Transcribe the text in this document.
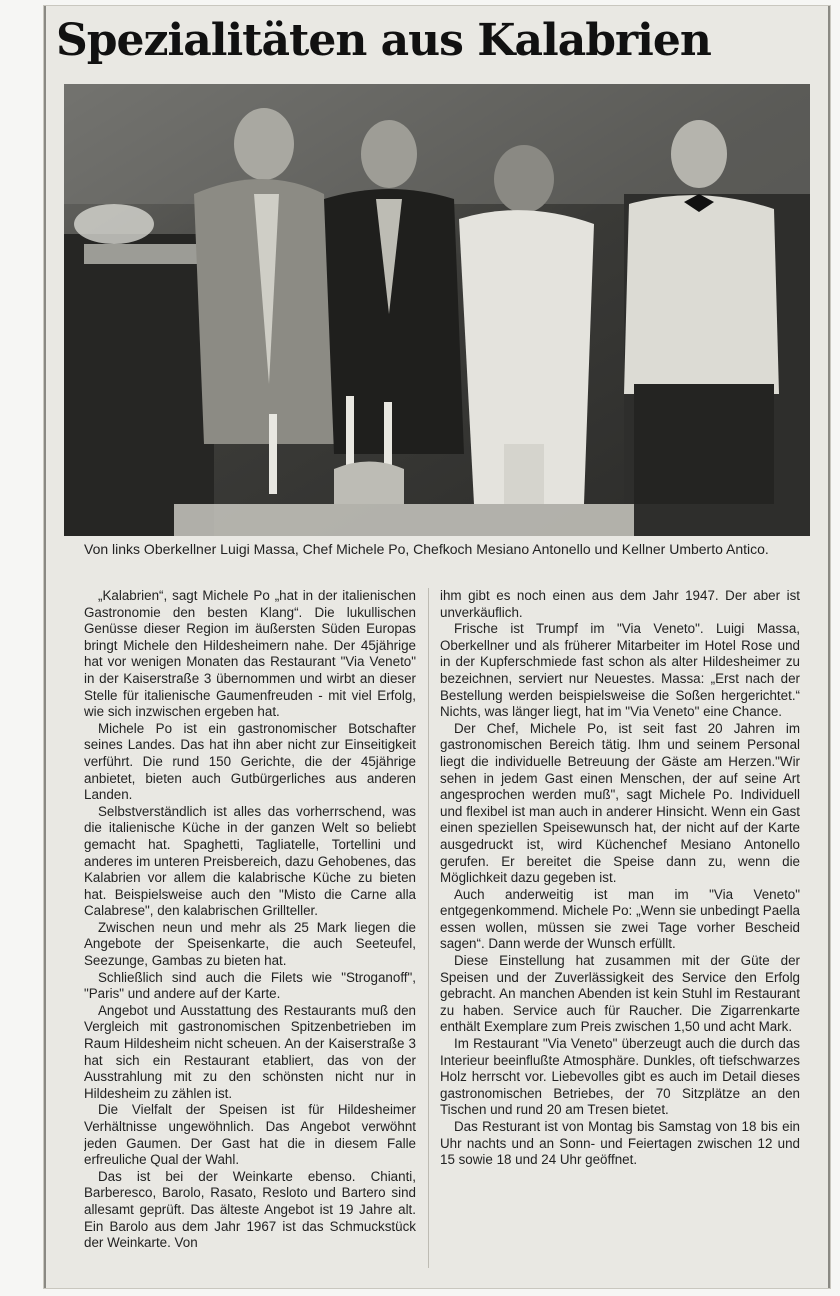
Spezialitäten aus Kalabrien
Von links Oberkellner Luigi Massa, Chef Michele Po, Chefkoch Mesiano Antonello und Kellner Umberto Antico.

„Kalabrien“, sagt Michele Po „hat in der italienischen Gastronomie den besten Klang“. Die lukullischen Genüsse dieser Region im äußersten Süden Europas bringt Michele den Hildesheimern nahe. Der 45jährige hat vor wenigen Monaten das Restaurant "Via Veneto" in der Kaiserstraße 3 übernommen und wirbt an dieser Stelle für italienische Gaumenfreuden - mit viel Erfolg, wie sich inzwischen ergeben hat.

Michele Po ist ein gastronomischer Botschafter seines Landes. Das hat ihn aber nicht zur Einseitigkeit verführt. Die rund 150 Gerichte, die der 45jährige anbietet, bieten auch Gutbürgerliches aus anderen Landen.

Selbstverständlich ist alles das vorherrschend, was die italienische Küche in der ganzen Welt so beliebt gemacht hat. Spaghetti, Tagliatelle, Tortellini und anderes im unteren Preisbereich, dazu Gehobenes, das Kalabrien vor allem die kalabrische Küche zu bieten hat. Beispielsweise auch den "Misto die Carne alla Calabrese", den kalabrischen Grillteller.

Zwischen neun und mehr als 25 Mark liegen die Angebote der Speisenkarte, die auch Seeteufel, Seezunge, Gambas zu bieten hat.

Schließlich sind auch die Filets wie "Stroganoff", "Paris" und andere auf der Karte.

Angebot und Ausstattung des Restaurants muß den Vergleich mit gastronomischen Spitzenbetrieben im Raum Hildesheim nicht scheuen. An der Kaiserstraße 3 hat sich ein Restaurant etabliert, das von der Ausstrahlung mit zu den schönsten nicht nur in Hildesheim zu zählen ist.

Die Vielfalt der Speisen ist für Hildesheimer Verhältnisse ungewöhnlich. Das Angebot verwöhnt jeden Gaumen. Der Gast hat die in diesem Falle erfreuliche Qual der Wahl.

Das ist bei der Weinkarte ebenso. Chianti, Barberesco, Barolo, Rasato, Resloto und Bartero sind allesamt geprüft. Das älteste Angebot ist 19 Jahre alt. Ein Barolo aus dem Jahr 1967 ist das Schmuckstück der Weinkarte. Von

ihm gibt es noch einen aus dem Jahr 1947. Der aber ist unverkäuflich.

Frische ist Trumpf im "Via Veneto". Luigi Massa, Oberkellner und als früherer Mitarbeiter im Hotel Rose und in der Kupferschmiede fast schon als alter Hildesheimer zu bezeichnen, serviert nur Neuestes. Massa: „Erst nach der Bestellung werden beispielsweise die Soßen hergerichtet.“ Nichts, was länger liegt, hat im "Via Veneto" eine Chance.

Der Chef, Michele Po, ist seit fast 20 Jahren im gastronomischen Bereich tätig. Ihm und seinem Personal liegt die individuelle Betreuung der Gäste am Herzen."Wir sehen in jedem Gast einen Menschen, der auf seine Art angesprochen werden muß", sagt Michele Po. Individuell und flexibel ist man auch in anderer Hinsicht. Wenn ein Gast einen speziellen Speisewunsch hat, der nicht auf der Karte ausgedruckt ist, wird Küchenchef Mesiano Antonello gerufen. Er bereitet die Speise dann zu, wenn die Möglichkeit dazu gegeben ist.

Auch anderweitig ist man im "Via Veneto" entgegenkommend. Michele Po: „Wenn sie unbedingt Paella essen wollen, müssen sie zwei Tage vorher Bescheid sagen“. Dann werde der Wunsch erfüllt.

Diese Einstellung hat zusammen mit der Güte der Speisen und der Zuverlässigkeit des Service den Erfolg gebracht. An manchen Abenden ist kein Stuhl im Restaurant zu haben. Service auch für Raucher. Die Zigarrenkarte enthält Exemplare zum Preis zwischen 1,50 und acht Mark.

Im Restaurant "Via Veneto" überzeugt auch die durch das Interieur beeinflußte Atmosphäre. Dunkles, oft tiefschwarzes Holz herrscht vor. Liebevolles gibt es auch im Detail dieses gastronomischen Betriebes, der 70 Sitzplätze an den Tischen und rund 20 am Tresen bietet.

Das Resturant ist von Montag bis Samstag von 18 bis ein Uhr nachts und an Sonn- und Feiertagen zwischen 12 und 15 sowie 18 und 24 Uhr geöffnet.
